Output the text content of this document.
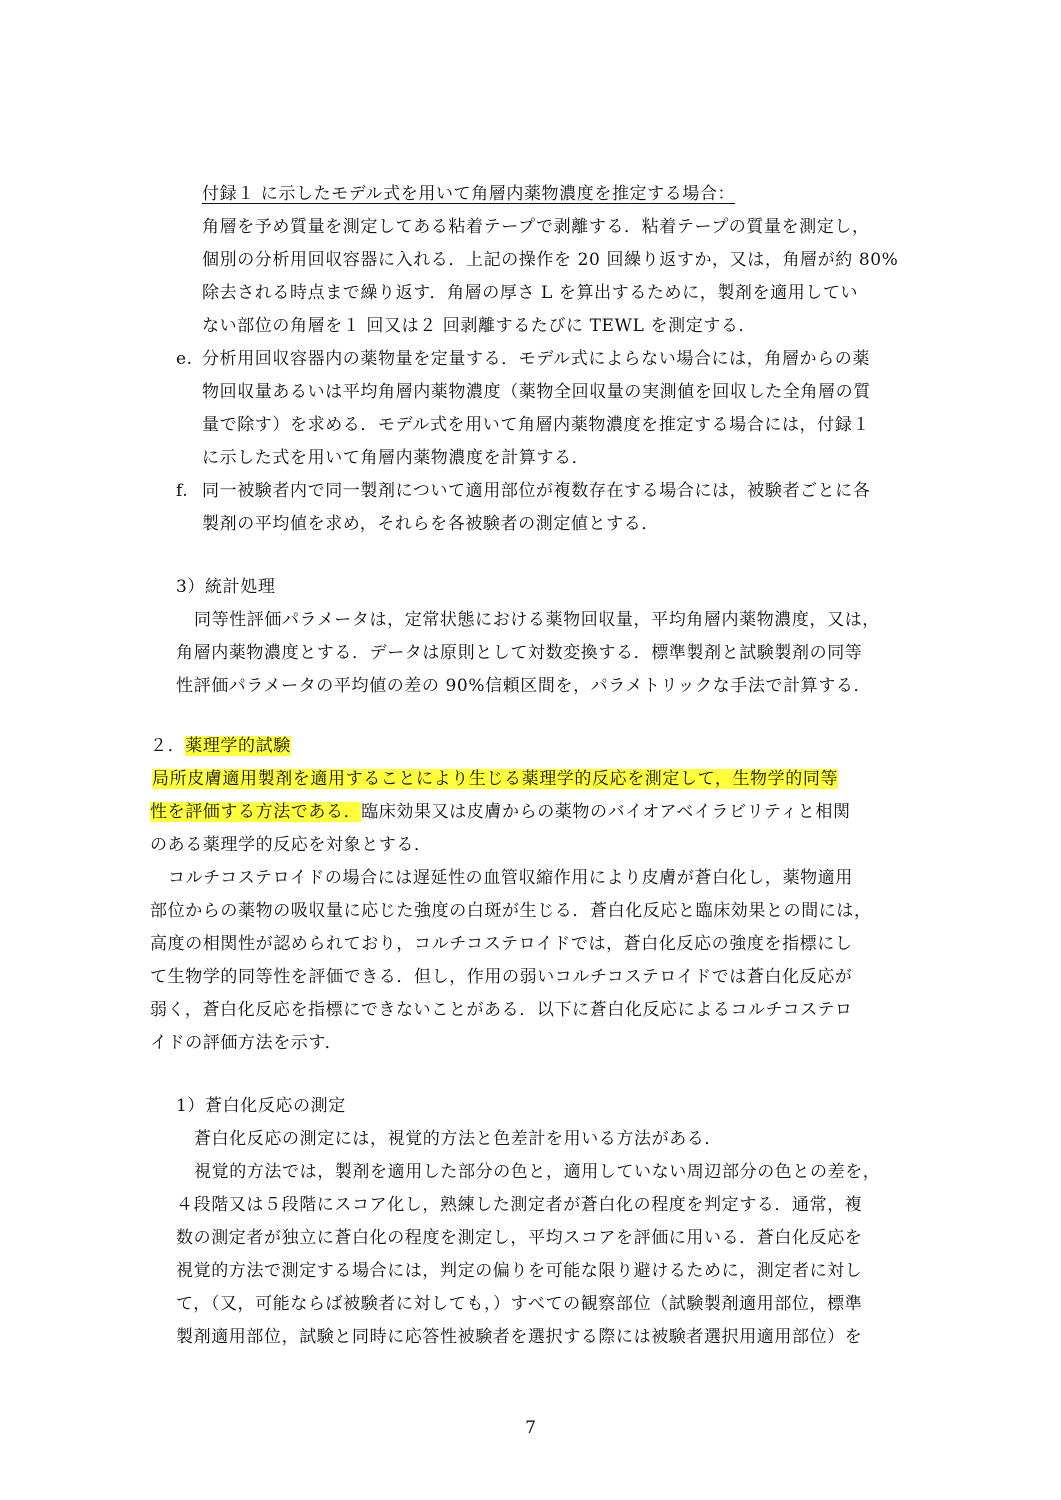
付録１ に示したモデル式を用いて角層内薬物濃度を推定する場合：
角層を予め質量を測定してある粘着テープで剥離する．粘着テープの質量を測定し，
個別の分析用回収容器に入れる．上記の操作を 20 回繰り返すか，又は，角層が約 80%
除去される時点まで繰り返す．角層の厚さ L を算出するために，製剤を適用してい
ない部位の角層を１ 回又は２ 回剥離するたびに TEWL を測定する．
e. 分析用回収容器内の薬物量を定量する．モデル式によらない場合には，角層からの薬
物回収量あるいは平均角層内薬物濃度（薬物全回収量の実測値を回収した全角層の質
量で除す）を求める．モデル式を用いて角層内薬物濃度を推定する場合には，付録１
に示した式を用いて角層内薬物濃度を計算する．
f. 同一被験者内で同一製剤について適用部位が複数存在する場合には，被験者ごとに各
製剤の平均値を求め，それらを各被験者の測定値とする．
3）統計処理
同等性評価パラメータは，定常状態における薬物回収量，平均角層内薬物濃度，又は，
角層内薬物濃度とする．データは原則として対数変換する．標準製剤と試験製剤の同等
性評価パラメータの平均値の差の 90%信頼区間を，パラメトリックな手法で計算する．
２．薬理学的試験
局所皮膚適用製剤を適用することにより生じる薬理学的反応を測定して，生物学的同等
性を評価する方法である．臨床効果又は皮膚からの薬物のバイオアベイラビリティと相関
のある薬理学的反応を対象とする．
コルチコステロイドの場合には遅延性の血管収縮作用により皮膚が蒼白化し，薬物適用
部位からの薬物の吸収量に応じた強度の白斑が生じる．蒼白化反応と臨床効果との間には，
高度の相関性が認められており，コルチコステロイドでは，蒼白化反応の強度を指標にし
て生物学的同等性を評価できる．但し，作用の弱いコルチコステロイドでは蒼白化反応が
弱く，蒼白化反応を指標にできないことがある．以下に蒼白化反応によるコルチコステロ
イドの評価方法を示す．
1）蒼白化反応の測定
蒼白化反応の測定には，視覚的方法と色差計を用いる方法がある．
視覚的方法では，製剤を適用した部分の色と，適用していない周辺部分の色との差を，
４段階又は５段階にスコア化し，熟練した測定者が蒼白化の程度を判定する．通常，複
数の測定者が独立に蒼白化の程度を測定し，平均スコアを評価に用いる．蒼白化反応を
視覚的方法で測定する場合には，判定の偏りを可能な限り避けるために，測定者に対し
て，（又，可能ならば被験者に対しても，）すべての観察部位（試験製剤適用部位，標準
製剤適用部位，試験と同時に応答性被験者を選択する際には被験者選択用適用部位）を
7
